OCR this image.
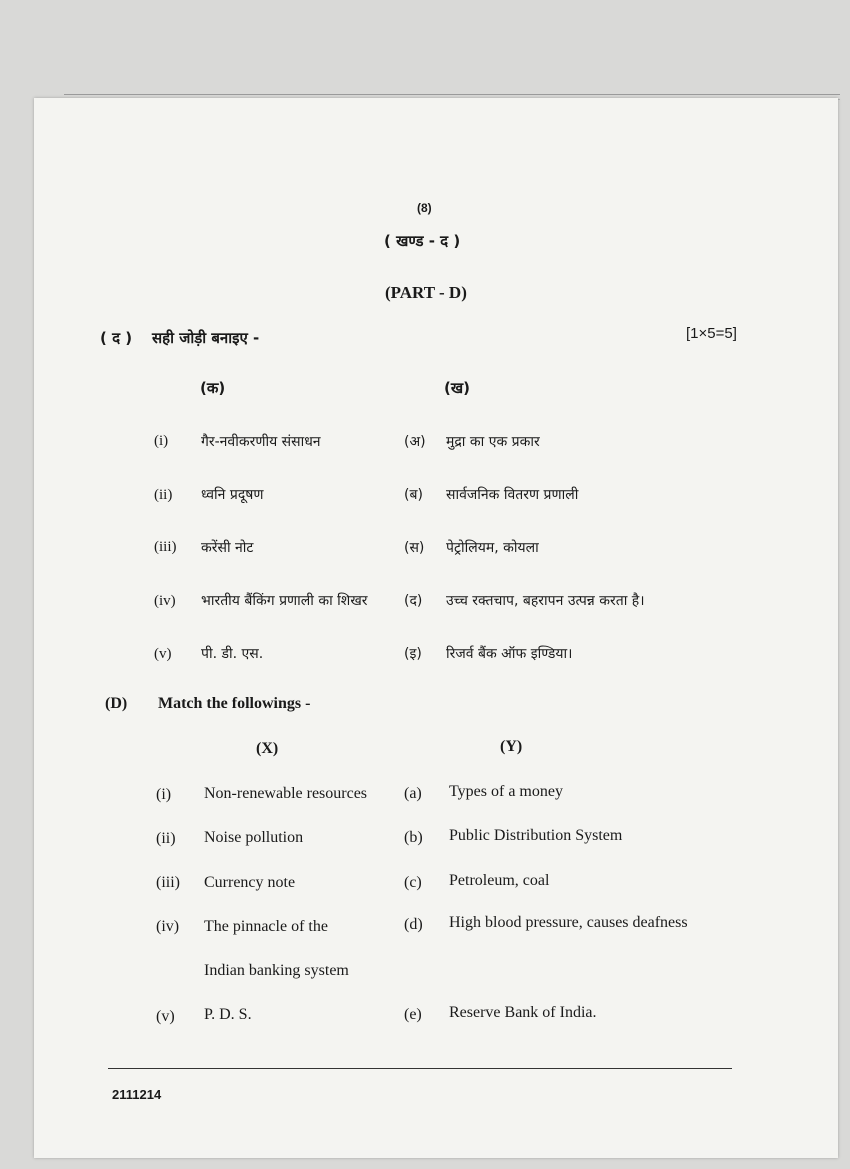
(8)
( खण्ड - द )
(PART - D)
( द ) सही जोड़ी बनाइए -	[1×5=5]
(क)	(ख)
(i) गैर-नवीकरणीय संसाधन	(अ) मुद्रा का एक प्रकार
(ii) ध्वनि प्रदूषण	(ब) सार्वजनिक वितरण प्रणाली
(iii) करेंसी नोट	(स) पेट्रोलियम, कोयला
(iv) भारतीय बैंकिंग प्रणाली का शिखर	(द) उच्च रक्तचाप, बहरापन उत्पन्न करता है।
(v) पी. डी. एस.	(इ) रिजर्व बैंक ऑफ इण्डिया।
(D) Match the followings -
(X)	(Y)
(i) Non-renewable resources (a) Types of a money
(ii) Noise pollution	(b) Public Distribution System
(iii) Currency note	(c) Petroleum, coal
(iv) The pinnacle of the	(d) High blood pressure, causes deafness
Indian banking system
(v) P. D. S.	(e) Reserve Bank of India.
2111214
